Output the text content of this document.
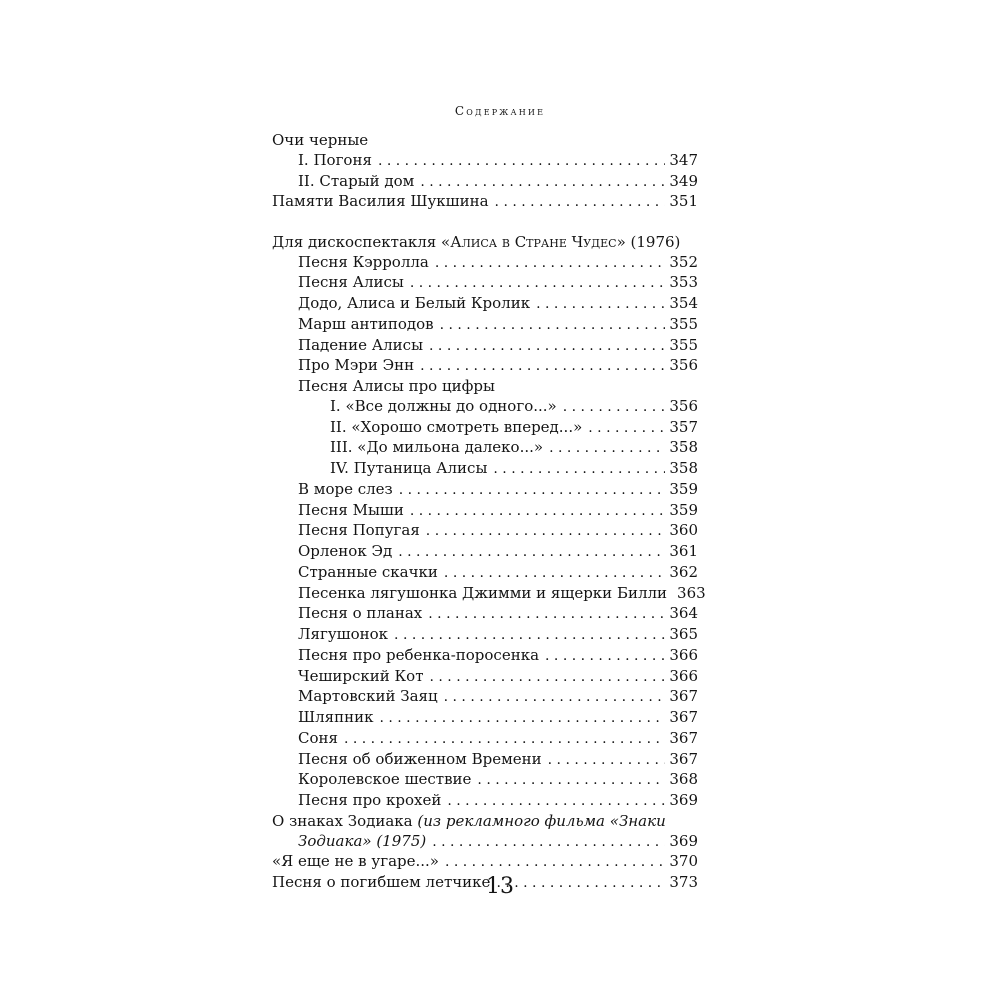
Содержание
Очи черные
I. Погоня . . .	347
II. Старый дом . . .	349
Памяти Василия Шукшина . . .	351
Для дискоспектакля «Алиса в Стране Чудес» (1976)
Песня Кэрролла . . .	352
Песня Алисы . . .	353
Додо, Алиса и Белый Кролик . . .	354
Марш антиподов . . .	355
Падение Алисы . . .	355
Про Мэри Энн . . .	356
Песня Алисы про цифры
I. «Все должны до одного...» . . .	356
II. «Хорошо смотреть вперед...» . . .	357
III. «До мильона далеко...» . . .	358
IV. Путаница Алисы . . .	358
В море слез . . .	359
Песня Мыши . . .	359
Песня Попугая . . .	360
Орленок Эд . . .	361
Странные скачки . . .	362
Песенка лягушонка Джимми и ящерки Билли 363
Песня о планах . . .	364
Лягушонок . . .	365
Песня про ребенка-поросенка . . .	366
Чеширский Кот . . .	366
Мартовский Заяц . . .	367
Шляпник . . .	367
Соня . . .	367
Песня об обиженном Времени . . .	367
Королевское шествие . . .	368
Песня про крохей . . .	369
О знаках Зодиака (из рекламного фильма «Знаки
Зодиака» (1975) . . .	369
«Я еще не в угаре...» . . .	370
Песня о погибшем летчике . . .	373
13
